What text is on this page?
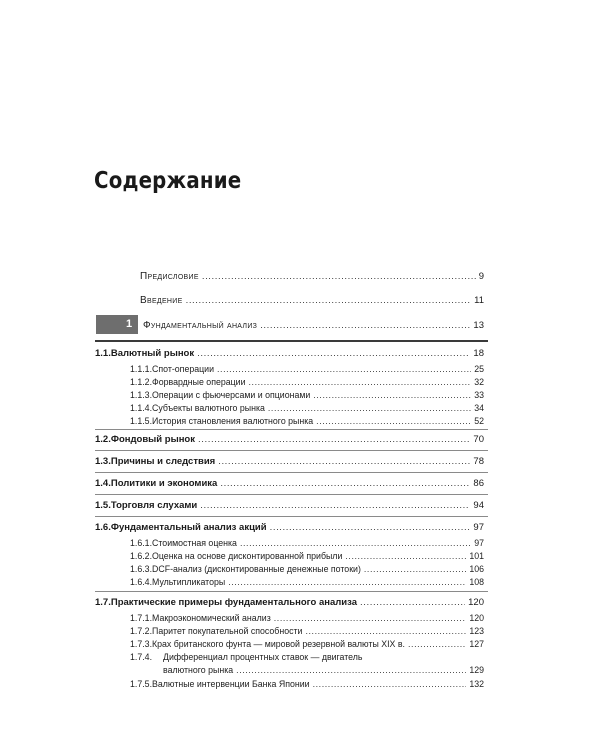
Содержание
Предисловие .....	9
Введение .....	11
1 Фундаментальный анализ .....	13
1.1. Валютный рынок .....	18
1.1.1. Спот-операции .....	25
1.1.2. Форвардные операции .....	32
1.1.3. Операции с фьючерсами и опционами .....	33
1.1.4. Субъекты валютного рынка .....	34
1.1.5. История становления валютного рынка .....	52
1.2. Фондовый рынок .....	70
1.3. Причины и следствия .....	78
1.4. Политики и экономика .....	86
1.5. Торговля слухами .....	94
1.6. Фундаментальный анализ акций .....	97
1.6.1. Стоимостная оценка .....	97
1.6.2. Оценка на основе дисконтированной прибыли .....	101
1.6.3. DCF-анализ (дисконтированные денежные потоки) .....	106
1.6.4. Мультипликаторы .....	108
1.7. Практические примеры фундаментального анализа .....	120
1.7.1. Макроэкономический анализ .....	120
1.7.2. Паритет покупательной способности .....	123
1.7.3. Крах британского фунта — мировой резервной валюты XIX в. .....	127
1.7.4.	Дифференциал процентных ставок — двигатель
валютного рынка .....	129
1.7.5. Валютные интервенции Банка Японии .....	132
